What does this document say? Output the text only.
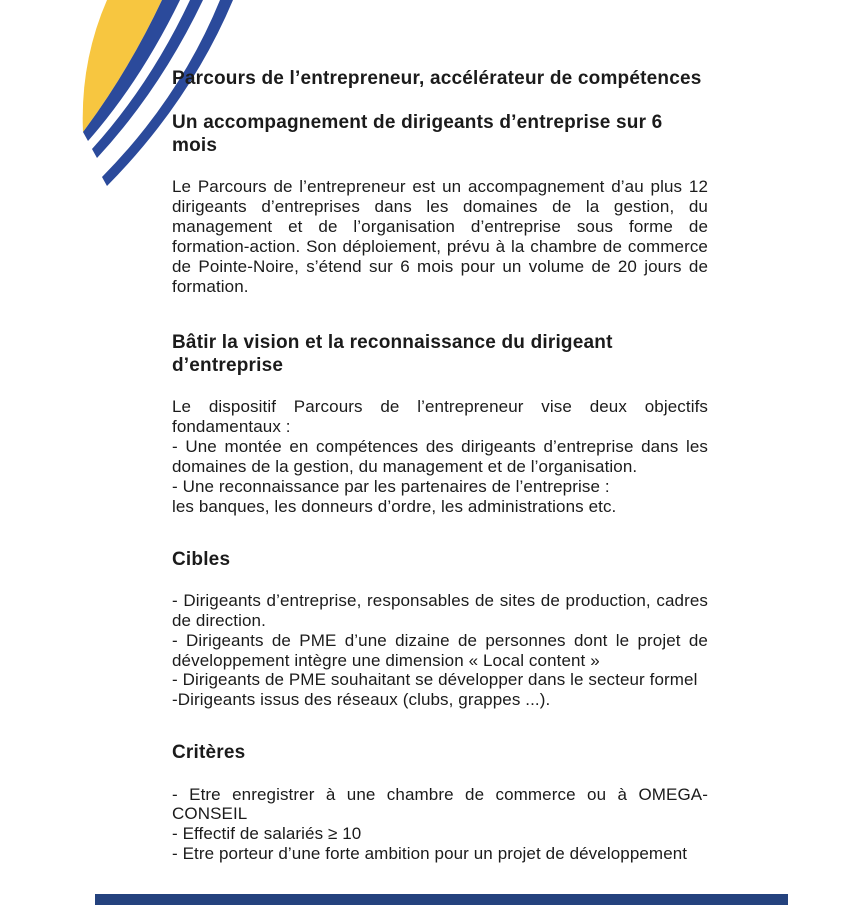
Parcours de l’entrepreneur, accélérateur de compétences
Un accompagnement de dirigeants d’entreprise sur 6 mois

Le Parcours de l’entrepreneur est un accompagnement d’au plus 12 dirigeants d’entreprises dans les domaines de la gestion, du management et de l’organisation d’entreprise sous forme de formation-action. Son déploiement, prévu à la chambre de commerce de Pointe-Noire, s’étend sur 6 mois pour un volume de 20 jours de formation.

Bâtir la vision et la reconnaissance du dirigeant d’entreprise

Le dispositif Parcours de l’entrepreneur vise deux objectifs fondamentaux :

- Une montée en compétences des dirigeants d’entreprise dans les domaines de la gestion, du management et de l’organisation.

- Une reconnaissance par les partenaires de l’entreprise :

les banques, les donneurs d’ordre, les administrations etc.

Cibles

- Dirigeants d’entreprise, responsables de sites de production, cadres de direction.

- Dirigeants de PME d’une dizaine de personnes dont le projet de développement intègre une dimension « Local content »

- Dirigeants de PME souhaitant se développer dans le secteur formel

-Dirigeants issus des réseaux (clubs, grappes ...).

Critères

- Etre enregistrer à une chambre de commerce ou à OMEGA-CONSEIL

- Effectif de salariés ≥ 10

- Etre porteur d’une forte ambition pour un projet de développement
